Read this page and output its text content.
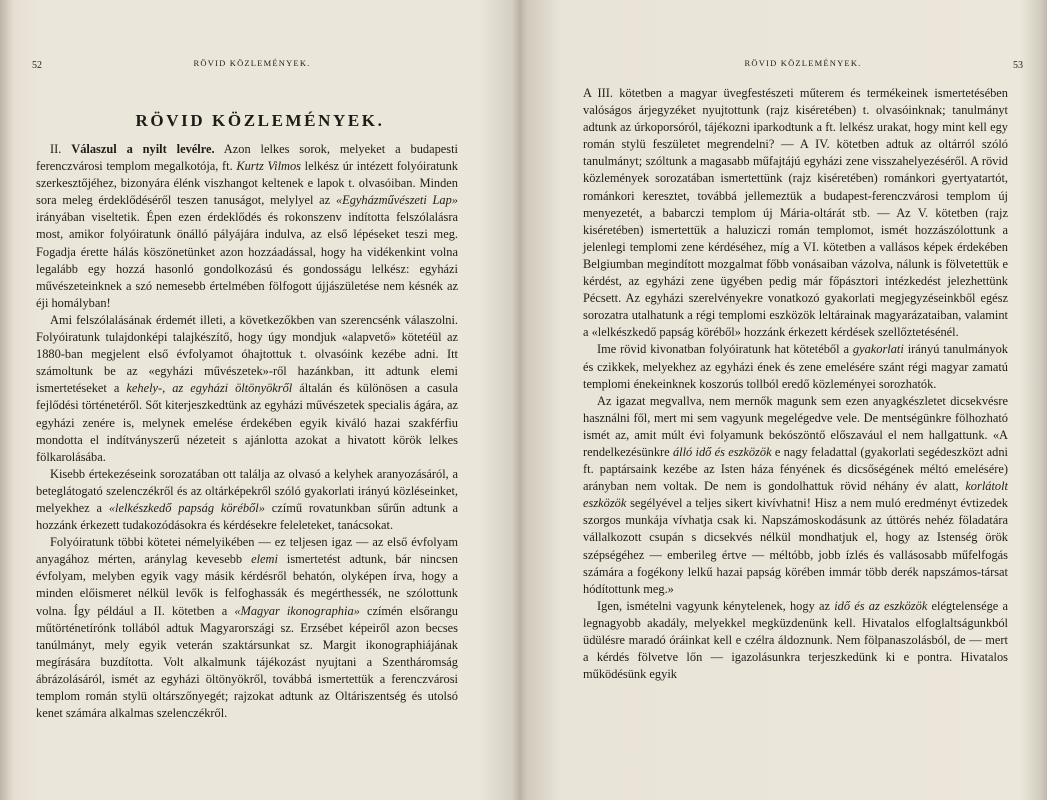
52	RÖVID KÖZLEMÉNYEK.
RÖVID KÖZLEMÉNYEK.

II. Válaszul a nyilt levélre. Azon lelkes sorok, melyeket a budapesti ferenczvárosi templom megalkotója, ft. Kurtz Vilmos lelkész úr intézett folyóiratunk szerkesztőjéhez, bizonyára élénk viszhangot keltenek e lapok t. olvasóiban. Minden sora meleg érdeklődéséről teszen tanuságot, melylyel az «Egyházművészeti Lap» irányában viseltetik. Épen ezen érdeklődés és rokonszenv indította felszólalásra most, amikor folyóiratunk önálló pályájára indulva, az első lépéseket teszi meg. Fogadja érette hálás köszönetünket azon hozzáadással, hogy ha vidékenkint volna legalább egy hozzá hasonló gondolkozású és gondosságu lelkész: egyházi művészeteinknek a szó nemesebb értelmében fölfogott újjászületése nem késnék az éji homályban!

Ami felszólalásának érdemét illeti, a következőkben van szerencsénk válaszolni. Folyóiratunk tulajdonképi talajkészítő, hogy úgy mondjuk «alapvető» kötetéül az 1880-ban megjelent első évfolyamot óhajtottuk t. olvasóink kezébe adni. Itt számoltunk be az «egyházi művészetek»-ről hazánkban, itt adtunk elemi ismertetéseket a kehely-, az egyházi öltönyökről általán és különösen a casula fejlődési történetéről. Sőt kiterjeszkedtünk az egyházi művészetek specialis ágára, az egyházi zenére is, melynek emelése érdekében egyik kiváló hazai szakférfiu mondotta el indítványszerű nézeteit s ajánlotta azokat a hivatott körök lelkes fölkarolásába.

Kisebb értekezéseink sorozatában ott találja az olvasó a kelyhek aranyozásáról, a beteglátogató szelenczékről és az oltárképekről szóló gyakorlati irányú közléseinket, melyekhez a «lelkészkedő papság köréből» czímű rovatunkban sűrűn adtunk a hozzánk érkezett tudakozódásokra és kérdésekre feleleteket, tanácsokat.

Folyóiratunk többi kötetei némelyikében — ez teljesen igaz — az első évfolyam anyagához mérten, aránylag kevesebb elemi ismertetést adtunk, bár nincsen évfolyam, melyben egyik vagy másik kérdésről behatón, olyképen írva, hogy a minden előismeret nélkül levők is felfoghassák és megérthessék, ne szólottunk volna. Így például a II. kötetben a «Magyar ikonographia» czímén elsőrangu műtörténetírónk tollából adtuk Magyarországi sz. Erzsébet képeiről azon becses tanúlmányt, mely egyik veterán szaktársunkat sz. Margit ikonographiájának megírására buzdította. Volt alkalmunk tájékozást nyujtani a Szentháromság ábrázolásáról, ismét az egyházi öltönyökről, továbbá ismertettük a ferenczvárosi templom román stylü oltárszőnyegét; rajzokat adtunk az Oltáriszentség és utolsó kenet számára alkalmas szelenczékről.

RÖVID KÖZLEMÉNYEK.	53

A III. kötetben a magyar üvegfestészeti műterem és termékeinek ismertetésében valóságos árjegyzéket nyujtottunk (rajz kiséretében) t. olvasóinknak; tanulmányt adtunk az úrkoporsóról, tájékozni iparkodtunk a ft. lelkész urakat, hogy mint kell egy román stylü feszületet megrendelni? — A IV. kötetben adtuk az oltárról szóló tanulmányt; szóltunk a magasabb műfajtájú egyházi zene visszahelyezéséről. A rövid közlemények sorozatában ismertettünk (rajz kiséretében) románkori gyertyatartót, románkori keresztet, továbbá jellemeztük a budapest-ferenczvárosi templom új menyezetét, a babarczi templom új Mária-oltárát stb. — Az V. kötetben (rajz kiséretében) ismertettük a haluziczi román templomot, ismét hozzászólottunk a jelenlegi templomi zene kérdéséhez, míg a VI. kötetben a vallásos képek érdekében Belgiumban megindított mozgalmat főbb vonásaiban vázolva, nálunk is fölvetettük e kérdést, az egyházi zene ügyében pedig már főpásztori intézkedést jelezhettünk Pécsett. Az egyházi szerelvényekre vonatkozó gyakorlati megjegyzéseinkből egész sorozatra utalhatunk a régi templomi eszközök leltárainak magyarázataiban, valamint a «lelkészkedő papság köréből» hozzánk érkezett kérdések szellőztetésénél.

Ime rövid kivonatban folyóiratunk hat kötetéből a gyakorlati irányú tanulmányok és czikkek, melyekhez az egyházi ének és zene emelésére szánt régi magyar zamatú templomi énekeinknek koszorús tollból eredő közleményei sorozhatók.

Az igazat megvallva, nem mernők magunk sem ezen anyagkészletet dicsekvésre használni fől, mert mi sem vagyunk megelégedve vele. De mentségünkre fölhozható ismét az, amit múlt évi folyamunk bekószöntő előszavául el nem hallgattunk. «A rendelkezésünkre álló idő és eszközök e nagy feladattal (gyakorlati segédeszközt adni ft. paptársaink kezébe az Isten háza fényének és dicsőségének méltó emelésére) arányban nem voltak. De nem is gondolhattuk rövid néhány év alatt, korlátolt eszközök segélyével a teljes sikert kivívhatni! Hisz a nem muló eredményt évtizedek szorgos munkája vívhatja csak ki. Napszámoskodásunk az úttörés nehéz föladatára vállalkozott csupán s dicsekvés nélkül mondhatjuk el, hogy az Istenség örök szépségéhez — emberileg értve — méltóbb, jobb ízlés és vallásosabb műfelfogás számára a fogékony lelkű hazai papság körében immár több derék napszámos-társat hódítottunk meg.»

Igen, ismételni vagyunk kénytelenek, hogy az idő és az eszközök elégtelensége a legnagyobb akadály, melyekkel megküzdenünk kell. Hivatalos elfoglaltságunkból üdülésre maradó óráinkat kell e czélra áldoznunk. Nem fölpanaszolásból, de — mert a kérdés fölvetve lőn — igazolásunkra terjeszkedünk ki e pontra. Hivatalos működésünk egyik
